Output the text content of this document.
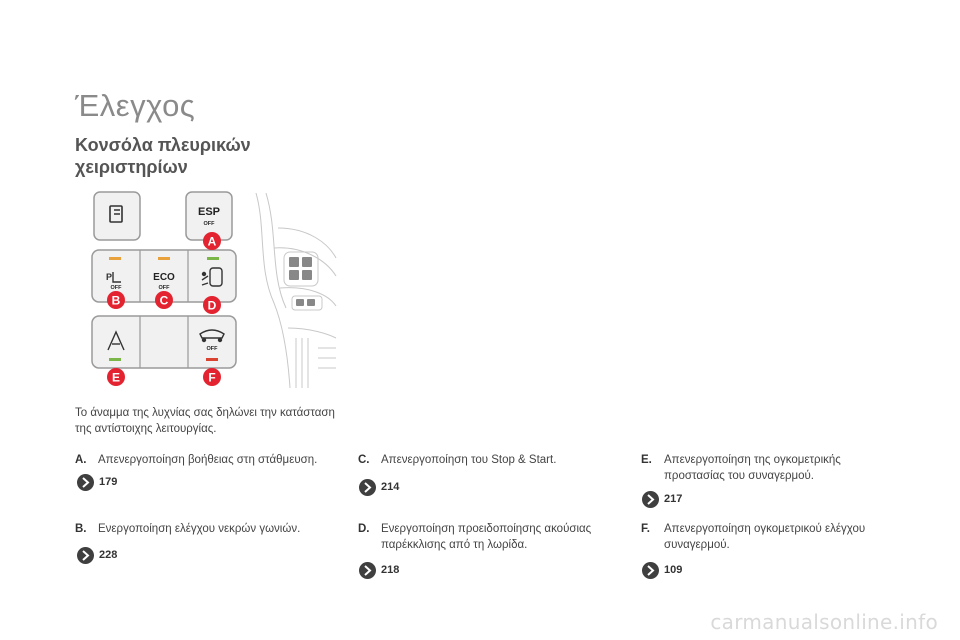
Έλεγχος
Κονσόλα πλευρικών χειριστηρίων
ESP
OFF
P
OFF
ECO
OFF
OFF
A
B	C	D
E	F
Το άναμμα της λυχνίας σας δηλώνει την κατάσταση της αντίστοιχης λειτουργίας.
A. Απενεργοποίηση βοήθειας στη στάθμευση.
179
B. Ενεργοποίηση ελέγχου νεκρών γωνιών.
228
C. Απενεργοποίηση του Stop & Start.
214
D. Ενεργοποίηση προειδοποίησης ακούσιας παρέκκλισης από τη λωρίδα.
218
E. Απενεργοποίηση της ογκομετρικής προστασίας του συναγερμού.
217
F. Απενεργοποίηση ογκομετρικού ελέγχου συναγερμού.
109
carmanualsonline.info
